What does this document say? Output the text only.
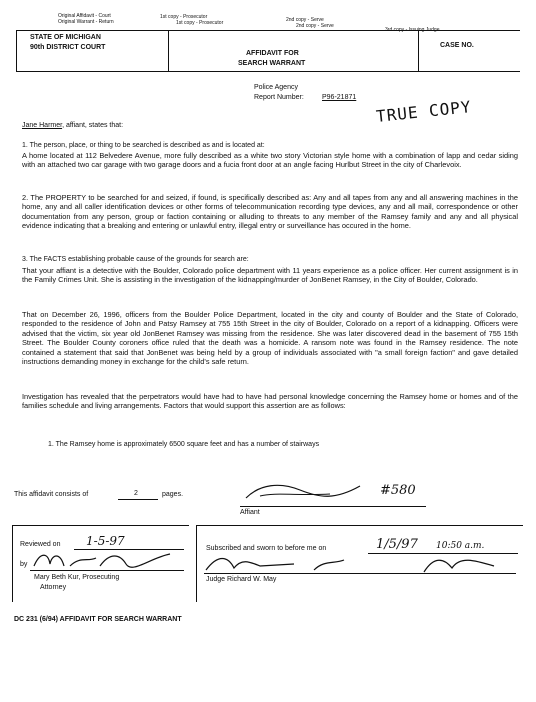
Original Affidavit - Court
Original Warrant - Return
1st copy - Prosecutor
1st copy - Prosecutor	2nd copy - Serve
2nd copy - Serve
3rd copy - Issuing Judge
STATE OF MICHIGAN
90th DISTRICT COURT
AFFIDAVIT FOR
SEARCH WARRANT
CASE NO.
Police Agency
Report Number:	P96-21871 TRUE COPY
Jane Harmer, affiant, states that:
1. The person, place, or thing to be searched is described as and is located at:
A home located at 112 Belvedere Avenue, more fully described as a white two story Victorian style home with a combination of lapp and cedar siding with an attached two car garage with two garage doors and a fucia front door at an angle facing Hurlbut Street in the city of Charlevoix.
2. The PROPERTY to be searched for and seized, if found, is specifically described as: Any and all tapes from any and all answering machines in the home, any and all caller identification devices or other forms of telecommunication recording type devices, any and all mail, correspondence or other documentation from any person, group or faction containing or alluding to threats to any member of the Ramsey family and any and all physical evidence indicating that a breaking and entering or unlawful entry, illegal entry or surveillance has occured in the home.
3. The FACTS establishing probable cause of the grounds for search are:
That your affiant is a detective with the Boulder, Colorado police department with 11 years experience as a police officer. Her current assignment is in the Family Crimes Unit. She is assisting in the investigation of the kidnapping/murder of JonBenet Ramsey, in the City of Boulder, Colorado.
That on December 26, 1996, officers from the Boulder Police Department, located in the city and county of Boulder and the State of Colorado, responded to the residence of John and Patsy Ramsey at 755 15th Street in the city of Boulder, Colorado on a report of a kidnapping. Officers were advised that the victim, six year old JonBenet Ramsey was missing from the residence. She was later discovered dead in the basement of 755 15th Street. The Boulder County coroners office ruled that the death was a homicide. A ransom note was found in the Ramsey residence. The note contained a statement that said that JonBenet was being held by a group of individuals associated with "a small foreign faction" and gave detailed instructions demanding money in exchange for the child's safe return.
Investigation has revealed that the perpetrators would have had to have had personal knowledge concerning the Ramsey home or homes and of the families schedule and living arrangements. Factors that would support this assertion are as follows:
1. The Ramsey home is approximately 6500 square feet and has a number of stairways
This affidavit consists of	2	pages.	#580
Affiant
Reviewed on 1-5-97
by
Mary Beth Kur, Prosecuting
Attorney
Subscribed and sworn to before me on	1/5/97 10:50 a.m.
Judge Richard W. May
DC 231 (6/94) AFFIDAVIT FOR SEARCH WARRANT
